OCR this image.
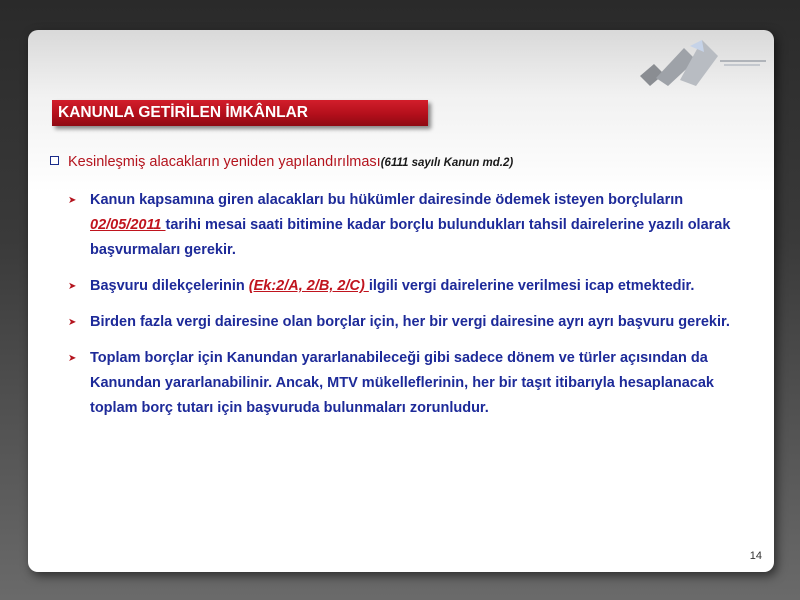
KANUNLA GETİRİLEN İMKÂNLAR
Kesinleşmiş alacakların yeniden yapılandırılması(6111 sayılı Kanun md.2)
➤ Kanun kapsamına giren alacakları bu hükümler dairesinde ödemek isteyen borçluların 02/05/2011 tarihi mesai saati bitimine kadar borçlu bulundukları tahsil dairelerine yazılı olarak başvurmaları gerekir.
➤ Başvuru dilekçelerinin (Ek:2/A, 2/B, 2/C) ilgili vergi dairelerine verilmesi icap etmektedir.
➤ Birden fazla vergi dairesine olan borçlar için, her bir vergi dairesine ayrı ayrı başvuru gerekir.
➤ Toplam borçlar için Kanundan yararlanabileceği gibi sadece dönem ve türler açısından da Kanundan yararlanabilinir. Ancak, MTV mükelleflerinin, her bir taşıt itibarıyla hesaplanacak toplam borç tutarı için başvuruda bulunmaları zorunludur.
14
